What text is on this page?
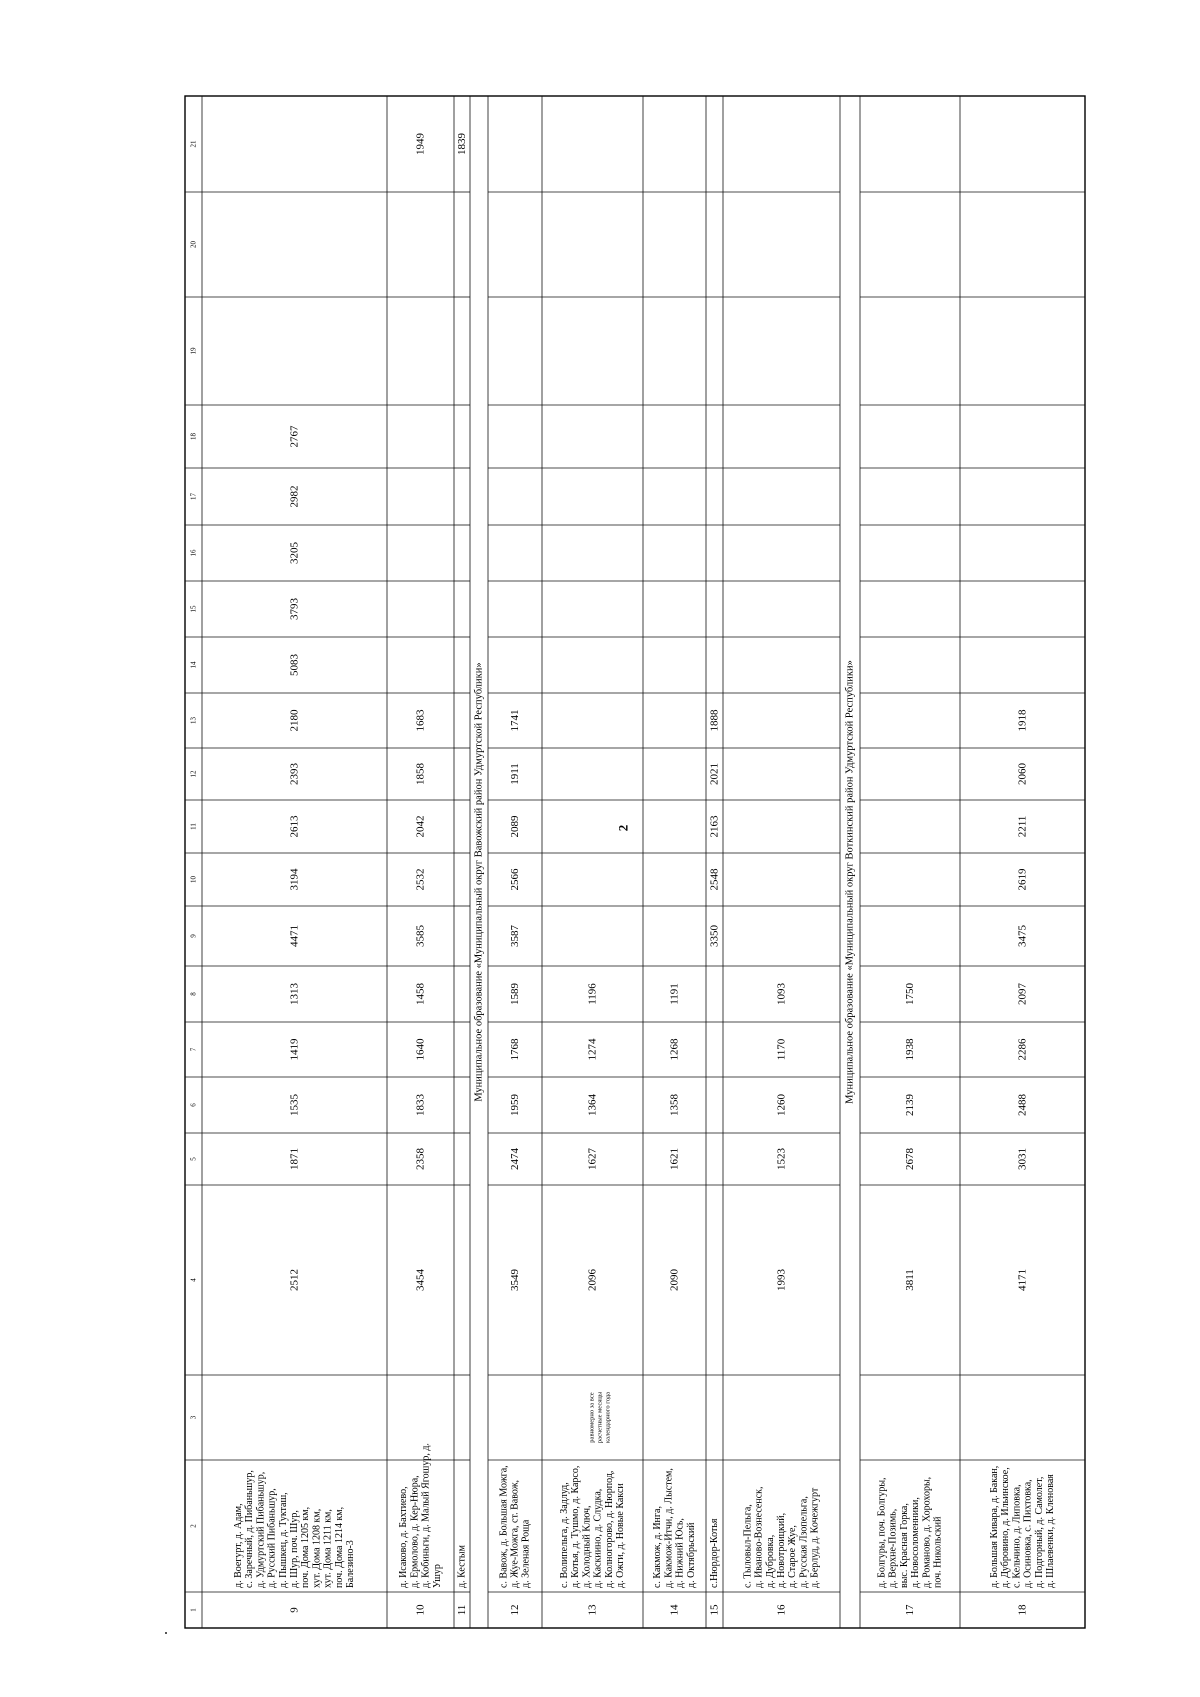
2
1
2
3
4
5
6
7
8
9
10
11
12
13
14
15
16
17
18
19
20
21
9
д. Воегурт, д. Адам, с. Заречный, д. Пибаньшур, д. Удмуртский Пибаньшур, д. Русский Пибаньшур, д. Пышкец, д. Тукташ, д. Шур, поч. Шур, поч. Дома 1205 км, хут. Дома 1208 км, хут. Дома 1211 км, поч. Дома 1214 км, Балезино-3
2512
1871
1535
1419
1313
4471
3194
2613
2393
2180
5083
3793
3205
2982
2767
10
д. Исаково, д. Бахтиево, д. Ермолово, д. Кер-Нюра, д. Кобиньги, д. Малый Ягошур, д. Ушур
3454
2358
1833
1640
1458
3585
2532
2042
1858
1683
1949
11
д. Кестым
1839
Муниципальное образование «Муниципальный округ Вавожский район Удмуртской Республики»
12
с. Вавож, д. Большая Можга, д. Жуе-Можга, ст. Вавож, д. Зеленая Роща
3549
2474
1959
1768
1589
3587
2566
2089
1911
1741
13
с. Волипельга, д. Задлуд, д. Котья, д. Тушмо, д. Карсо, д. Холодный Ключ, д. Каскиино, д. Слудка, д. Колногорово, д. Нюрпод, д. Ожги, д. Новые Какси
2096
1627
1364
1274
1196
14
с. Какмож, д. Инга, д. Какмож-Итчи, д. Лыстем, д. Нижний Юсь, д. Октябрьский
равномерно за все расчетные месяцы календарного года
2090
1621
1358
1268
1191
15
с.Нюрдор-Котья
3350
2548
2163
2021
1888
16
с. Тыловыл-Пельга, д. Иваново-Вознесенск, д. Дубровка, д. Новотроицкий, д. Старое Жуе, д. Русская Лзопельга, д. Берлуд, д. Кочежгурт
1993
1523
1260
1170
1093	Муниципальное образование «Муниципальный округ Воткинский район Удмуртской Республики»
17
д. Болгуры, поч. Болгуры, д. Верхне-Позимь, выс. Красная Горка, д. Новосоломенники, д. Романово, д. Хорохоры, поч. Никольский
3811
2678
2139
1938
1750
18
д. Большая Кивара, д. Бакан, д. Дубровино, д. Ильинское, с. Кельчино, д. Липовка, д. Осиновка, с. Пихтовка, д. Подгорный, д. Самолет, д. Шлаевенки, д. Кленовая
4171
3031
2488
2286
2097
3475
2619
2211
2060
1918
